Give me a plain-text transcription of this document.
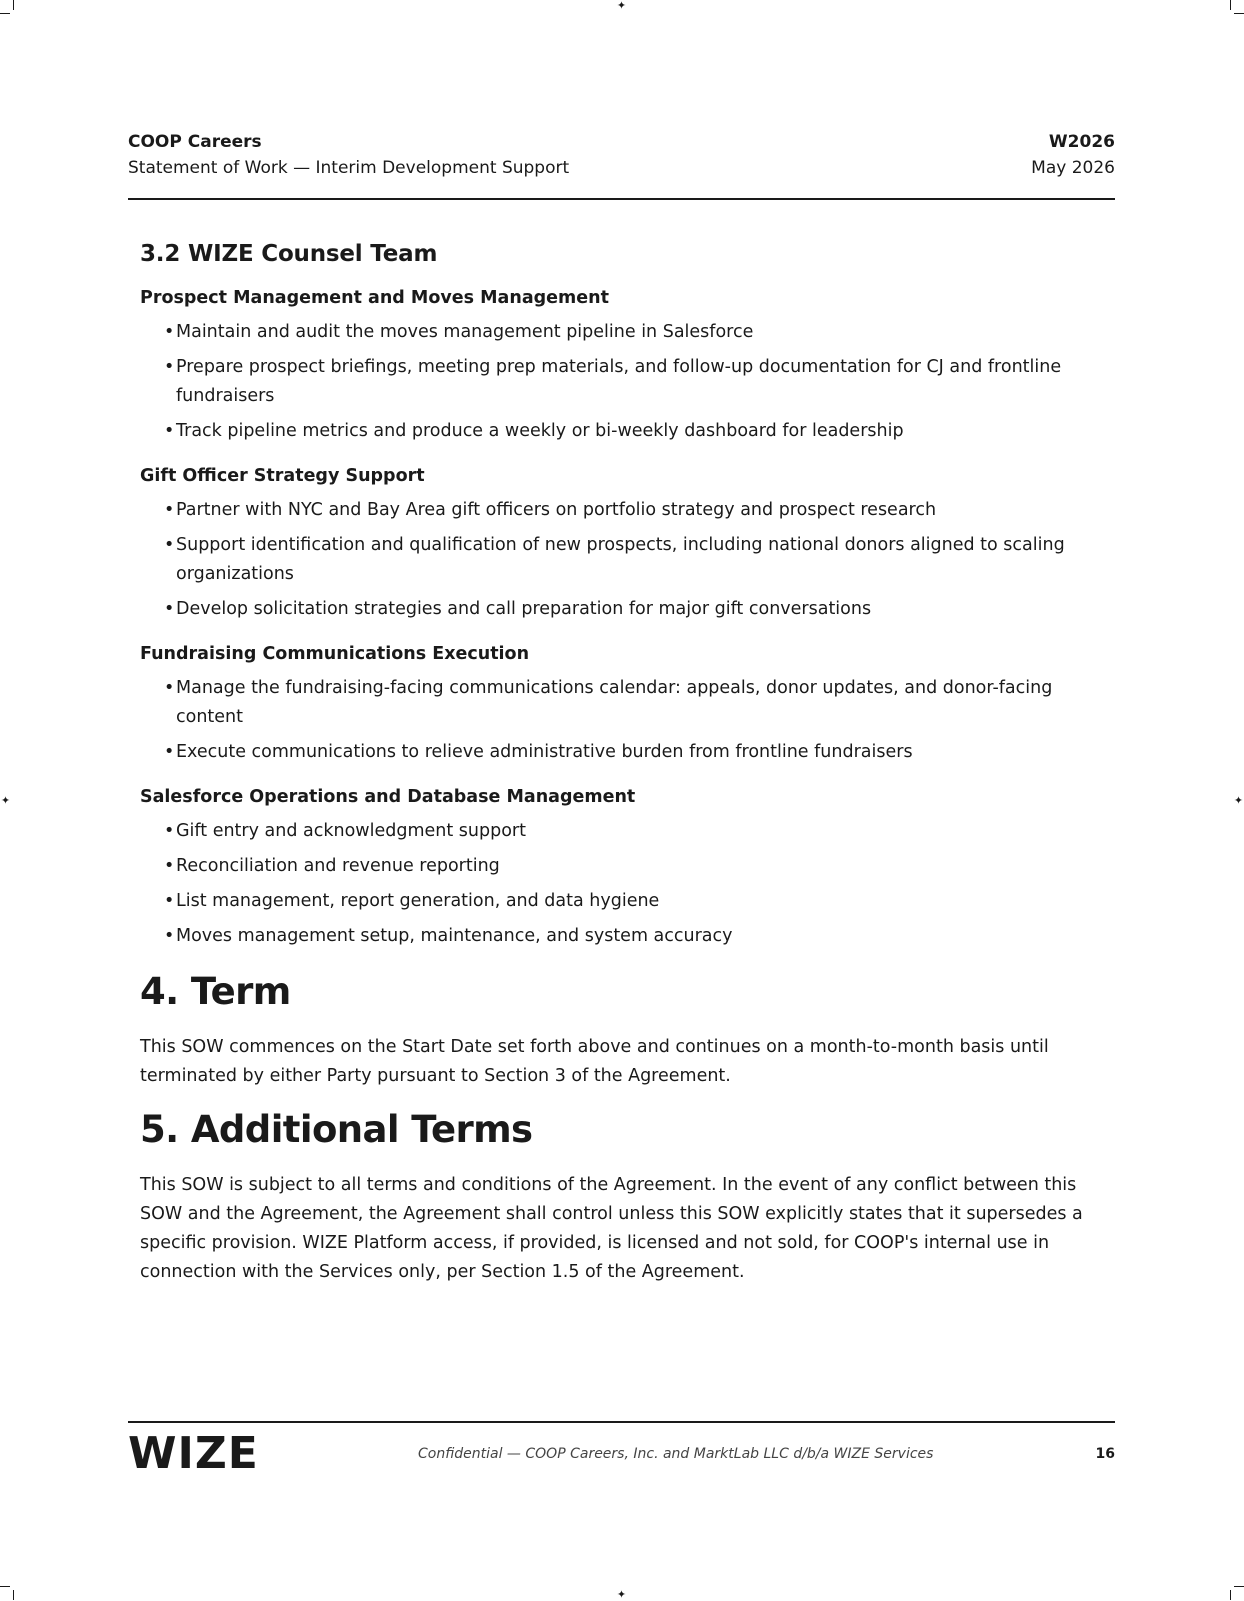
✦
✦
✦	✦
COOP Careers
Statement of Work — Interim Development Support
W2026
May 2026
3.2 WIZE Counsel Team
Prospect Management and Moves Management
• Maintain and audit the moves management pipeline in Salesforce
• Prepare prospect briefings, meeting prep materials, and follow-up documentation for CJ and frontline fundraisers
• Track pipeline metrics and produce a weekly or bi-weekly dashboard for leadership
Gift Officer Strategy Support
• Partner with NYC and Bay Area gift officers on portfolio strategy and prospect research
• Support identification and qualification of new prospects, including national donors aligned to scaling organizations
• Develop solicitation strategies and call preparation for major gift conversations
Fundraising Communications Execution
• Manage the fundraising-facing communications calendar: appeals, donor updates, and donor-facing content
• Execute communications to relieve administrative burden from frontline fundraisers
Salesforce Operations and Database Management
• Gift entry and acknowledgment support
• Reconciliation and revenue reporting
• List management, report generation, and data hygiene
• Moves management setup, maintenance, and system accuracy
4. Term

This SOW commences on the Start Date set forth above and continues on a month-to-month basis until terminated by either Party pursuant to Section 3 of the Agreement.

5. Additional Terms

This SOW is subject to all terms and conditions of the Agreement. In the event of any conflict between this SOW and the Agreement, the Agreement shall control unless this SOW explicitly states that it supersedes a specific provision. WIZE Platform access, if provided, is licensed and not sold, for COOP's internal use in connection with the Services only, per Section 1.5 of the Agreement.

WIZE	Confidential — COOP Careers, Inc. and MarktLab LLC d/b/a WIZE Services	16
